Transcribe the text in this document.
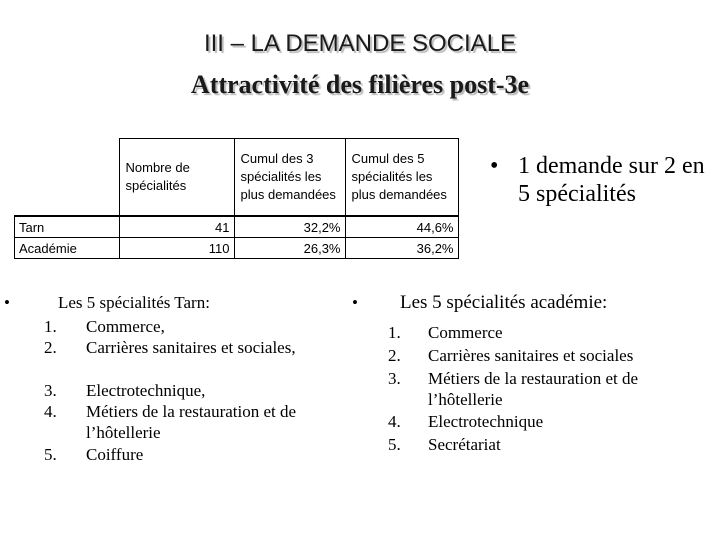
III – LA DEMANDE SOCIALE
Attractivité des filières post-3e
	Nombre de spécialités	Cumul des 3 spécialités les plus demandées	Cumul des 5 spécialités les plus demandées
Tarn	41	32,2%	44,6%
Académie	110	26,3%	36,2%
• 1 demande sur 2 en 5 spécialités
•	Les 5 spécialités Tarn:
1. Commerce,
2. Carrières sanitaires et sociales,
3. Electrotechnique,
4. Métiers de la restauration et de l’hôtellerie
5. Coiffure
• Les 5 spécialités académie:
1. Commerce
2. Carrières sanitaires et sociales
3. Métiers de la restauration et de l’hôtellerie
4. Electrotechnique
5. Secrétariat
